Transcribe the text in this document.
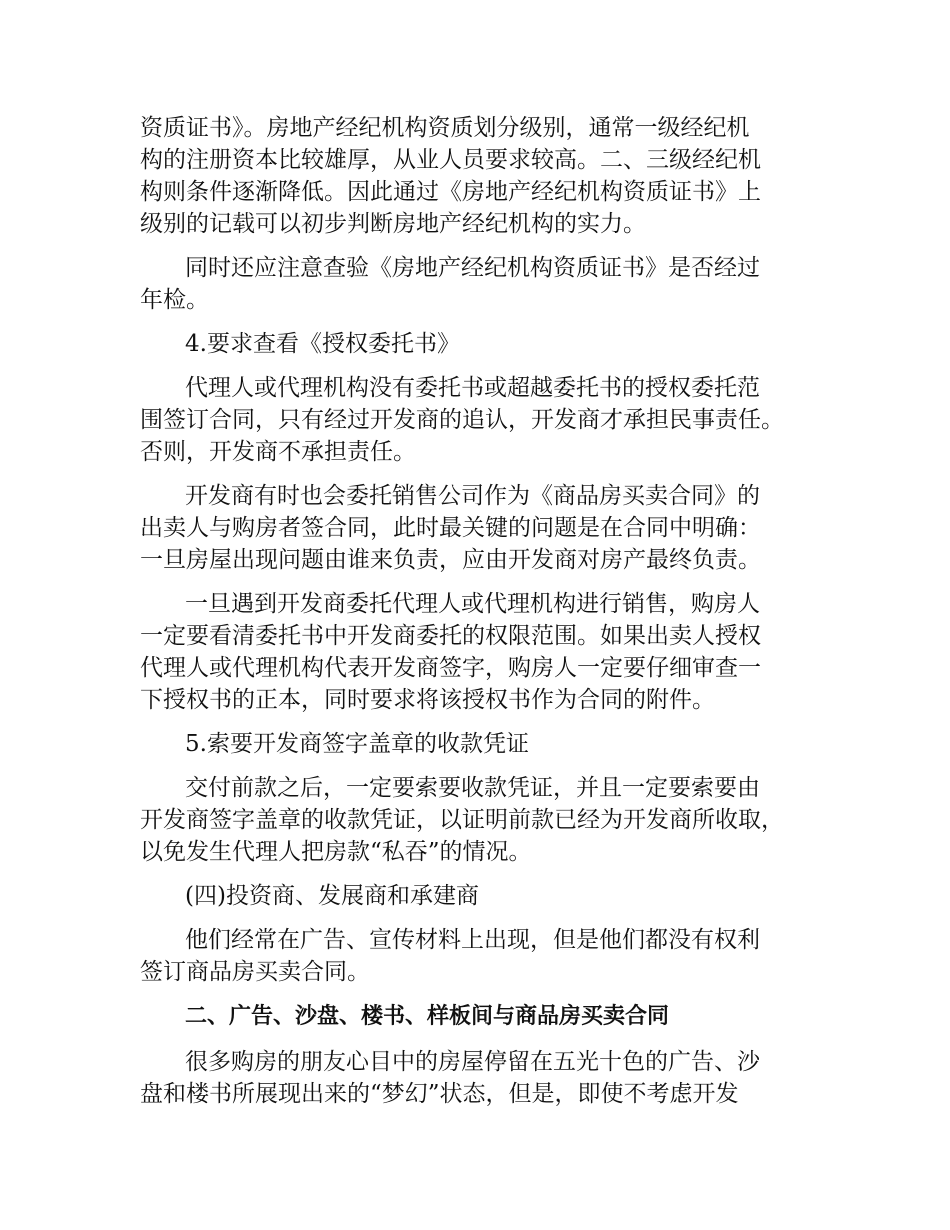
资质证书》。房地产经纪机构资质划分级别，通常一级经纪机
构的注册资本比较雄厚，从业人员要求较高。二、三级经纪机
构则条件逐渐降低。因此通过《房地产经纪机构资质证书》上
级别的记载可以初步判断房地产经纪机构的实力。
同时还应注意查验《房地产经纪机构资质证书》是否经过
年检。
4.要求查看《授权委托书》
代理人或代理机构没有委托书或超越委托书的授权委托范
围签订合同，只有经过开发商的追认，开发商才承担民事责任。
否则，开发商不承担责任。
开发商有时也会委托销售公司作为《商品房买卖合同》的
出卖人与购房者签合同，此时最关键的问题是在合同中明确：
一旦房屋出现问题由谁来负责，应由开发商对房产最终负责。
一旦遇到开发商委托代理人或代理机构进行销售，购房人
一定要看清委托书中开发商委托的权限范围。如果出卖人授权
代理人或代理机构代表开发商签字，购房人一定要仔细审查一
下授权书的正本，同时要求将该授权书作为合同的附件。
5.索要开发商签字盖章的收款凭证
交付前款之后，一定要索要收款凭证，并且一定要索要由
开发商签字盖章的收款凭证，以证明前款已经为开发商所收取，
以免发生代理人把房款“私吞”的情况。
(四)投资商、发展商和承建商
他们经常在广告、宣传材料上出现，但是他们都没有权利
签订商品房买卖合同。
二、广告、沙盘、楼书、样板间与商品房买卖合同
很多购房的朋友心目中的房屋停留在五光十色的广告、沙
盘和楼书所展现出来的“梦幻”状态，但是，即使不考虑开发
